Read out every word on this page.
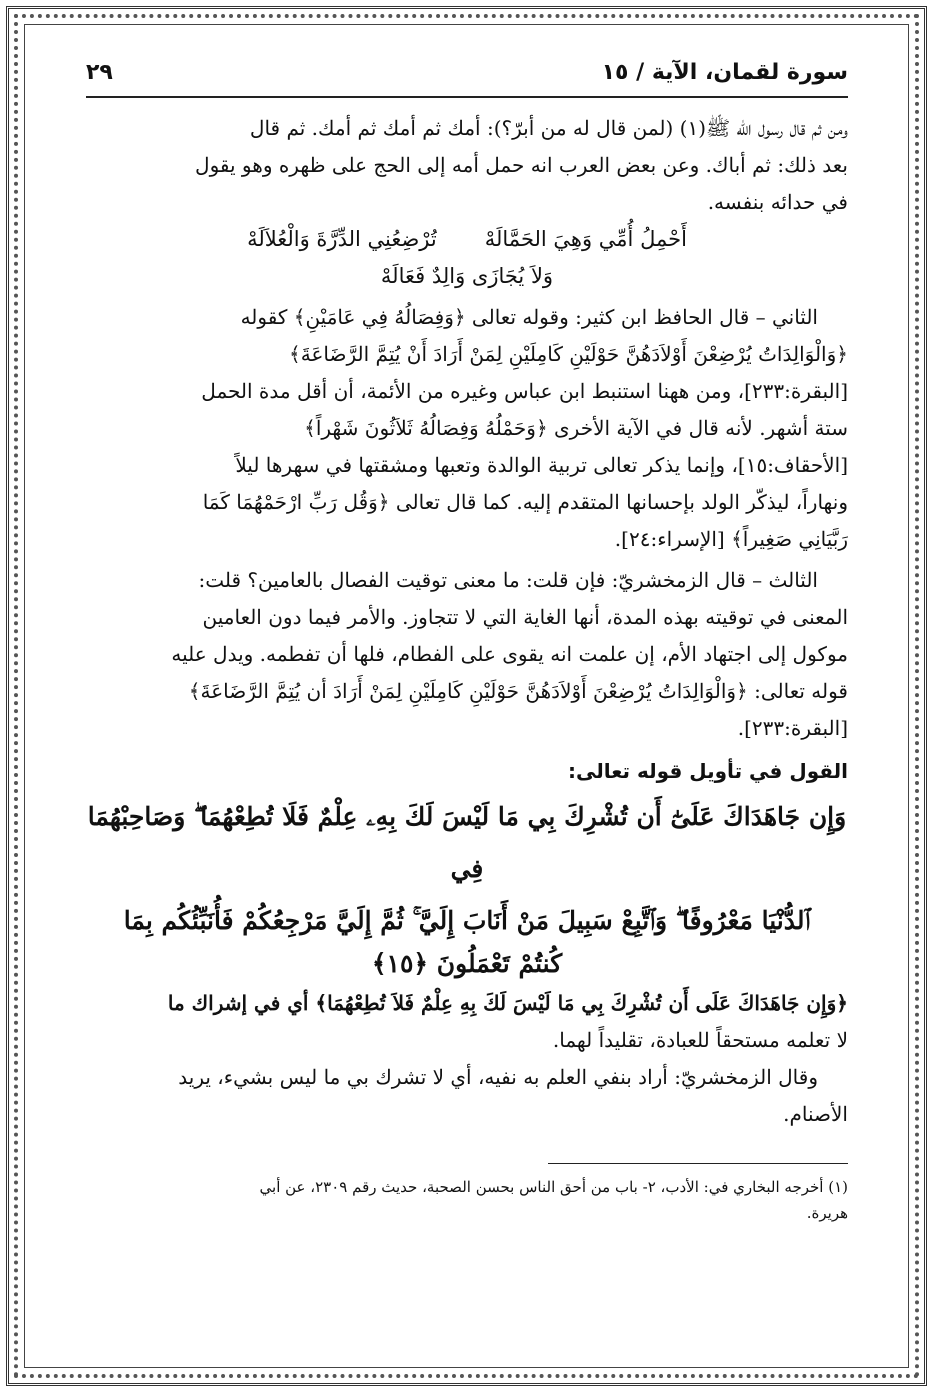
سورة لقمان، الآية / ١٥
٢٩

ومن ثم قال رسول الله ﷺ(١) (لمن قال له من أبرّ؟): أمك ثم أمك ثم أمك. ثم قال

بعد ذلك: ثم أباك. وعن بعض العرب انه حمل أمه إلى الحج على ظهره وهو يقول

في حدائه بنفسه.

أَحْمِلُ أُمِّي وَهِيَ الحَمَّالَهْ
تُرْضِعُنِي الدِّرَّةَ وَالْعُلاَلَهْ
وَلاَ يُجَازَى وَالِدٌ فَعَالَهْ

الثاني – قال الحافظ ابن كثير: وقوله تعالى ﴿وَفِصَالُهُ فِي عَامَيْنِ﴾ كقوله

﴿وَالْوَالِدَاتُ يُرْضِعْنَ أَوْلاَدَهُنَّ حَوْلَيْنِ كَامِلَيْنِ لِمَنْ أَرَادَ أَنْ يُتِمَّ الرَّضَاعَةَ﴾

[البقرة:٢٣٣]، ومن ههنا استنبط ابن عباس وغيره من الأئمة، أن أقل مدة الحمل

ستة أشهر. لأنه قال في الآية الأخرى ﴿وَحَمْلُهُ وَفِصَالُهُ ثَلاَثُونَ شَهْراً﴾

[الأحقاف:١٥]، وإنما يذكر تعالى تربية الوالدة وتعبها ومشقتها في سهرها ليلاً

ونهاراً، ليذكّر الولد بإحسانها المتقدم إليه. كما قال تعالى ﴿وَقُل رَبِّ ارْحَمْهُمَا كَمَا

رَبَّيَانِي صَغِيراً﴾ [الإسراء:٢٤].

الثالث – قال الزمخشريّ: فإن قلت: ما معنى توقيت الفصال بالعامين؟ قلت:

المعنى في توقيته بهذه المدة، أنها الغاية التي لا تتجاوز. والأمر فيما دون العامين

موكول إلى اجتهاد الأم، إن علمت انه يقوى على الفطام، فلها أن تفطمه. ويدل عليه

قوله تعالى: ﴿وَالْوَالِدَاتُ يُرْضِعْنَ أَوْلاَدَهُنَّ حَوْلَيْنِ كَامِلَيْنِ لِمَنْ أَرَادَ أن يُتِمَّ الرَّضَاعَةَ﴾

[البقرة:٢٣٣].

القول في تأويل قوله تعالى:
وَإِن جَاهَدَاكَ عَلَىٰٓ أَن تُشْرِكَ بِي مَا لَيْسَ لَكَ بِهِۦ عِلْمٌ فَلَا تُطِعْهُمَا ۖ وَصَاحِبْهُمَا فِي
ٱلدُّنْيَا مَعْرُوفًا ۖ وَٱتَّبِعْ سَبِيلَ مَنْ أَنَابَ إِلَيَّ ۚ ثُمَّ إِلَيَّ مَرْجِعُكُمْ فَأُنَبِّئُكُم بِمَا
كُنتُمْ تَعْمَلُونَ ﴿١٥﴾

﴿وَإِن جَاهَدَاكَ عَلَى أَن تُشْرِكَ بِي مَا لَيْسَ لَكَ بِهِ عِلْمٌ فَلاَ تُطِعْهُمَا﴾ أي في إشراك ما

لا تعلمه مستحقاً للعبادة، تقليداً لهما.

وقال الزمخشريّ: أراد بنفي العلم به نفيه، أي لا تشرك بي ما ليس بشيء، يريد

الأصنام.

(١) أخرجه البخاري في: الأدب، ٢- باب من أحق الناس بحسن الصحبة، حديث رقم ٢٣٠٩، عن أبي
هريرة.
